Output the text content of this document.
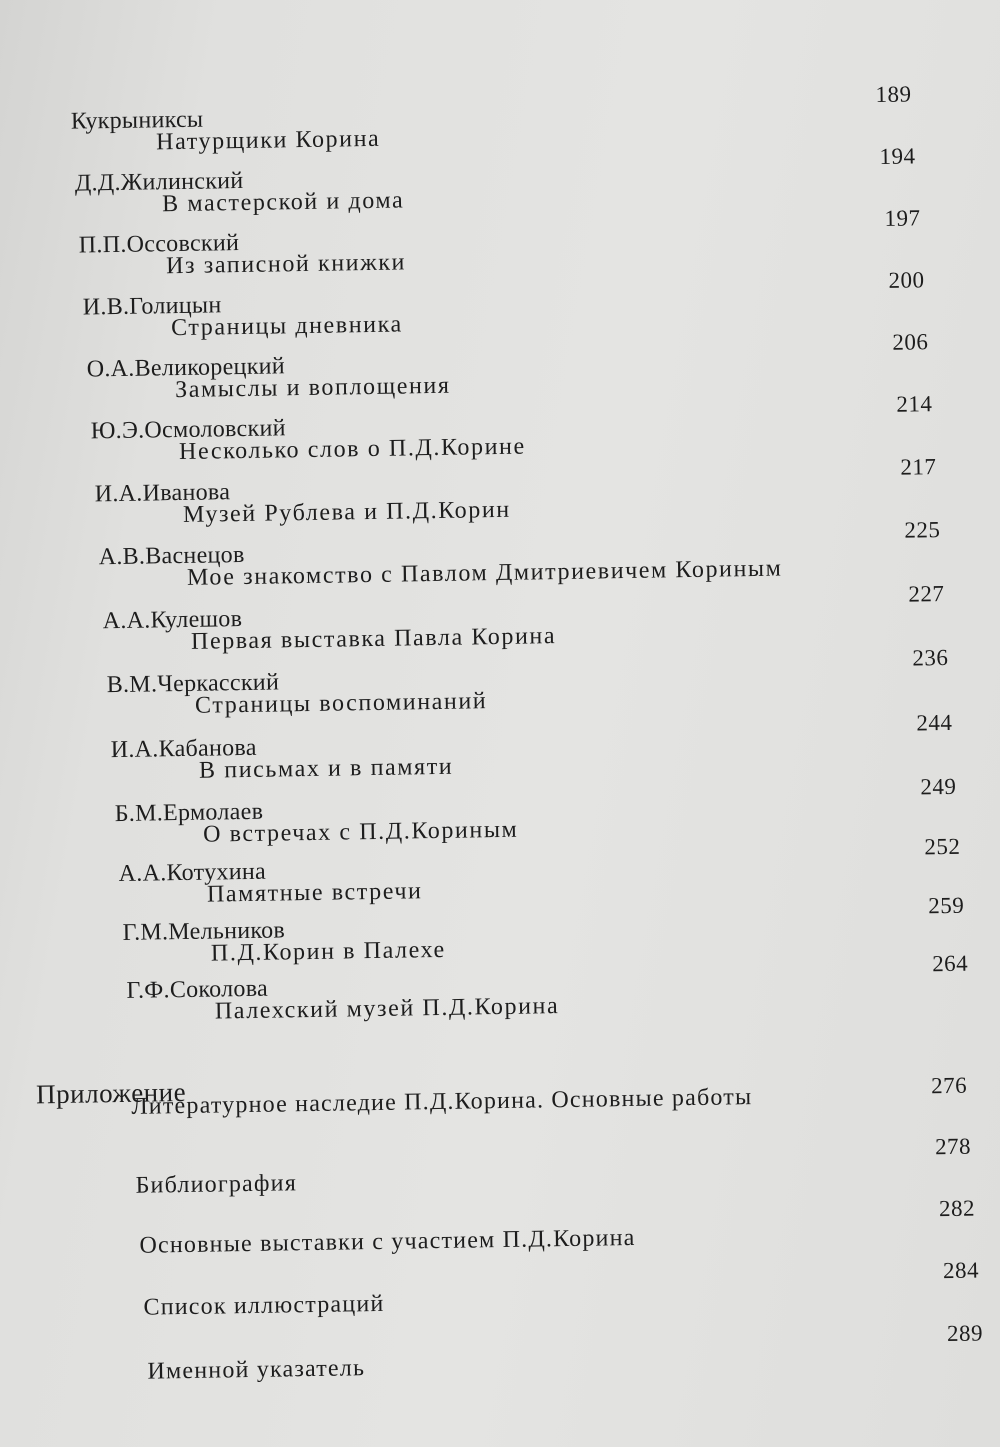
Кукрыниксы
Натурщики Корина
189
Д.Д.Жилинский
В мастерской и дома
194
П.П.Оссовский
Из записной книжки
197
И.В.Голицын
Страницы дневника
200
О.А.Великорецкий
Замыслы и воплощения
206
Ю.Э.Осмоловский
Несколько слов о П.Д.Корине
214
И.А.Иванова
Музей Рублева и П.Д.Корин
217
А.В.Васнецов
Мое знакомство с Павлом Дмитриевичем Кориным
225
А.А.Кулешов
Первая выставка Павла Корина
227
В.М.Черкасский
Страницы воспоминаний
236
И.А.Кабанова
В письмах и в памяти
244
Б.М.Ермолаев
О встречах с П.Д.Кориным
249
А.А.Котухина
Памятные встречи
252
Г.М.Мельников
П.Д.Корин в Палехе
259
Г.Ф.Соколова
Палехский музей П.Д.Корина
264
Приложение
Литературное наследие П.Д.Корина. Основные работы	276
Библиография
278
Основные выставки с участием П.Д.Корина
282
Список иллюстраций
284
Именной указатель
289
